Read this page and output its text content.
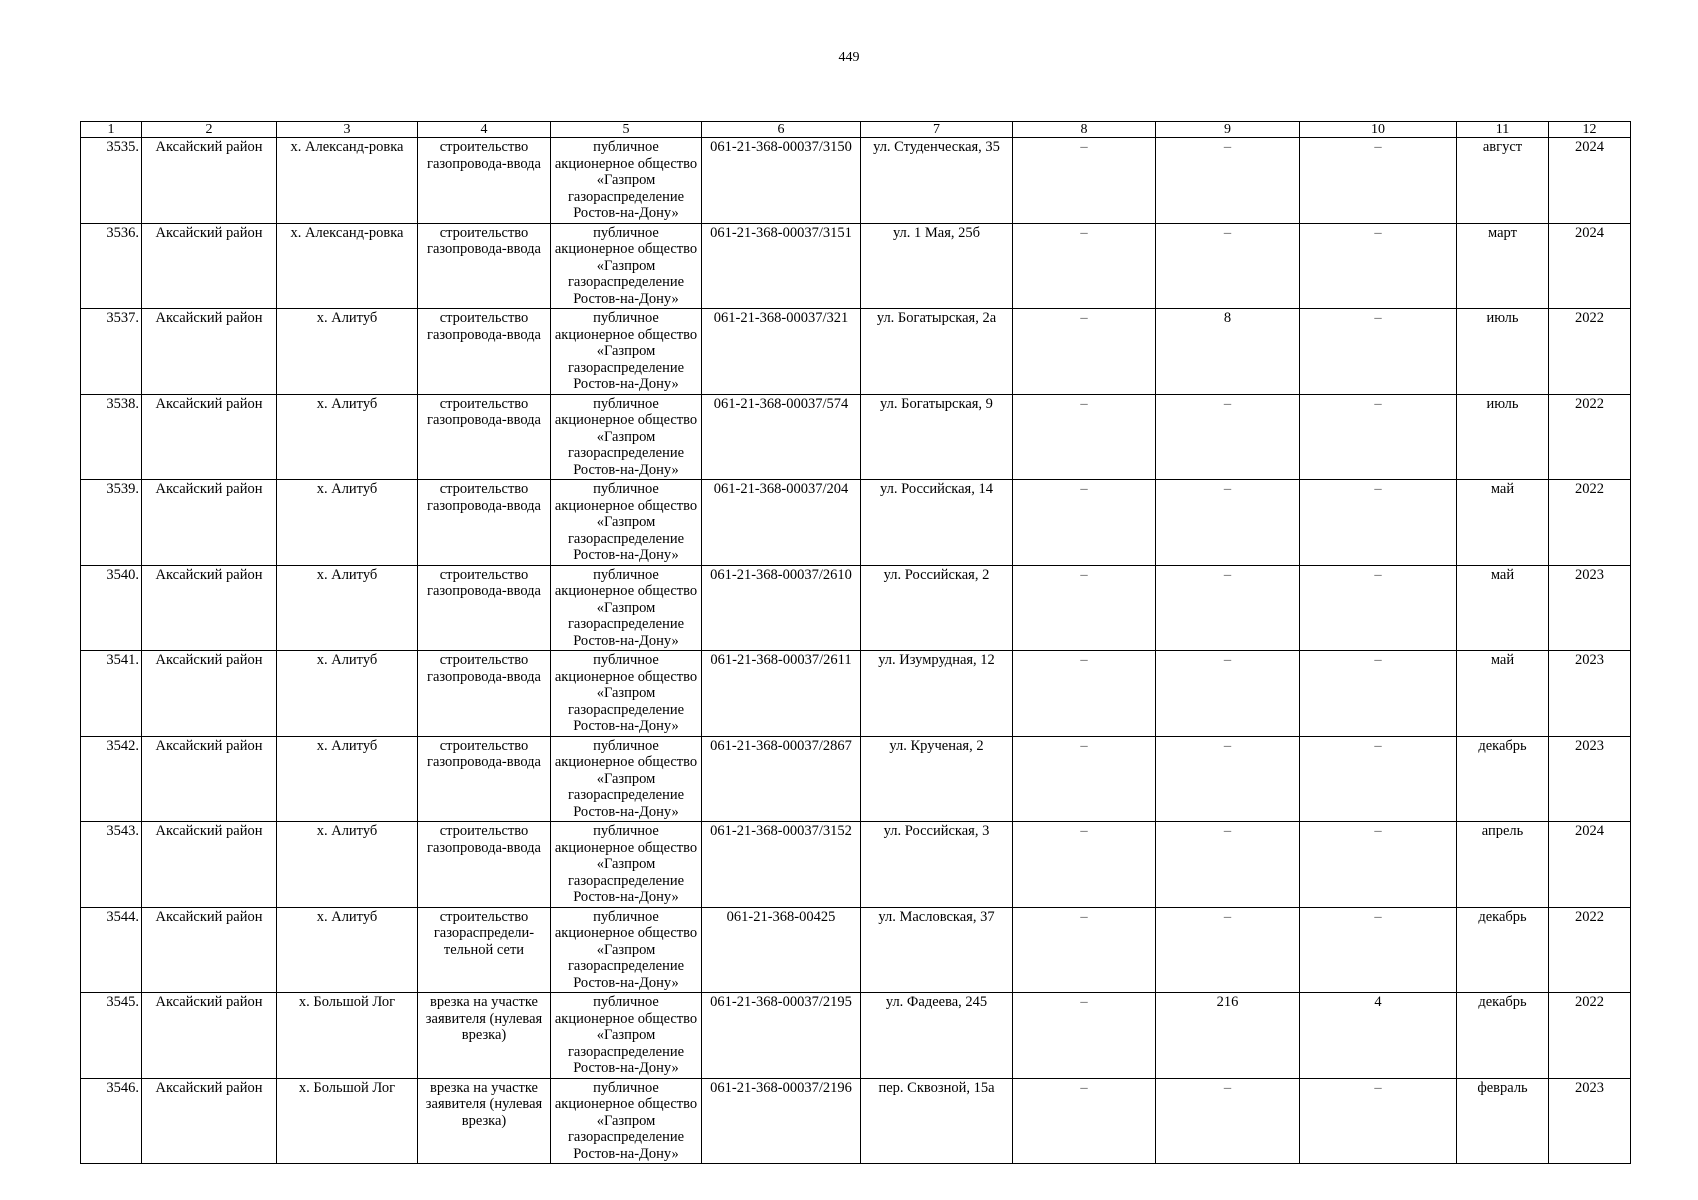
449
1	2	3	4	5	6	7	8	9	10	11	12
3535.	Аксайский район	х. Александ-ровка	строительство газопровода-ввода	публичное акционерное общество «Газпром газораспределение Ростов-на-Дону»	061-21-368-00037/3150	ул. Студенческая, 35	–	–	–	август	2024
3536.	Аксайский район	х. Александ-ровка	строительство газопровода-ввода	публичное акционерное общество «Газпром газораспределение Ростов-на-Дону»	061-21-368-00037/3151	ул. 1 Мая, 25б	–	–	–	март	2024
3537.	Аксайский район	х. Алитуб	строительство газопровода-ввода	публичное акционерное общество «Газпром газораспределение Ростов-на-Дону»	061-21-368-00037/321	ул. Богатырская, 2а	–	8	–	июль	2022
3538.	Аксайский район	х. Алитуб	строительство газопровода-ввода	публичное акционерное общество «Газпром газораспределение Ростов-на-Дону»	061-21-368-00037/574	ул. Богатырская, 9	–	–	–	июль	2022
3539.	Аксайский район	х. Алитуб	строительство газопровода-ввода	публичное акционерное общество «Газпром газораспределение Ростов-на-Дону»	061-21-368-00037/204	ул. Российская, 14	–	–	–	май	2022
3540.	Аксайский район	х. Алитуб	строительство газопровода-ввода	публичное акционерное общество «Газпром газораспределение Ростов-на-Дону»	061-21-368-00037/2610	ул. Российская, 2	–	–	–	май	2023
3541.	Аксайский район	х. Алитуб	строительство газопровода-ввода	публичное акционерное общество «Газпром газораспределение Ростов-на-Дону»	061-21-368-00037/2611	ул. Изумрудная, 12	–	–	–	май	2023
3542.	Аксайский район	х. Алитуб	строительство газопровода-ввода	публичное акционерное общество «Газпром газораспределение Ростов-на-Дону»	061-21-368-00037/2867	ул. Крученая, 2	–	–	–	декабрь	2023
3543.	Аксайский район	х. Алитуб	строительство газопровода-ввода	публичное акционерное общество «Газпром газораспределение Ростов-на-Дону»	061-21-368-00037/3152	ул. Российская, 3	–	–	–	апрель	2024
3544.	Аксайский район	х. Алитуб	строительство газораспредели-тельной сети	публичное акционерное общество «Газпром газораспределение Ростов-на-Дону»	061-21-368-00425	ул. Масловская, 37	–	–	–	декабрь	2022
3545.	Аксайский район	х. Большой Лог	врезка на участке заявителя (нулевая врезка)	публичное акционерное общество «Газпром газораспределение Ростов-на-Дону»	061-21-368-00037/2195	ул. Фадеева, 245	–	216	4	декабрь	2022
3546.	Аксайский район	х. Большой Лог	врезка на участке заявителя (нулевая врезка)	публичное акционерное общество «Газпром газораспределение Ростов-на-Дону»	061-21-368-00037/2196	пер. Сквозной, 15а	–	–	–	февраль	2023
